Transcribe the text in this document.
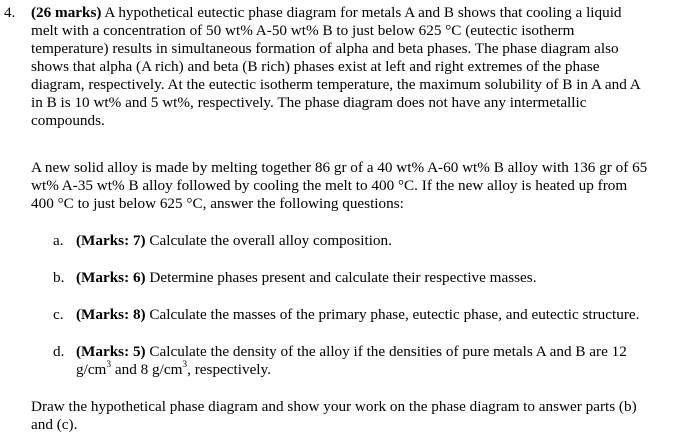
4. (26 marks) A hypothetical eutectic phase diagram for metals A and B shows that cooling a liquid
melt with a concentration of 50 wt% A-50 wt% B to just below 625 °C (eutectic isotherm
temperature) results in simultaneous formation of alpha and beta phases. The phase diagram also
shows that alpha (A rich) and beta (B rich) phases exist at left and right extremes of the phase
diagram, respectively. At the eutectic isotherm temperature, the maximum solubility of B in A and A
in B is 10 wt% and 5 wt%, respectively. The phase diagram does not have any intermetallic
compounds.

A new solid alloy is made by melting together 86 gr of a 40 wt% A-60 wt% B alloy with 136 gr of 65
wt% A-35 wt% B alloy followed by cooling the melt to 400 °C. If the new alloy is heated up from
400 °C to just below 625 °C, answer the following questions:

a. (Marks: 7) Calculate the overall alloy composition.
b. (Marks: 6) Determine phases present and calculate their respective masses.
c. (Marks: 8) Calculate the masses of the primary phase, eutectic phase, and eutectic structure.
d. (Marks: 5) Calculate the density of the alloy if the densities of pure metals A and B are 12
$g/cm^3$ and 8 $g/cm^3$, respectively.

Draw the hypothetical phase diagram and show your work on the phase diagram to answer parts (b)
and (c).
